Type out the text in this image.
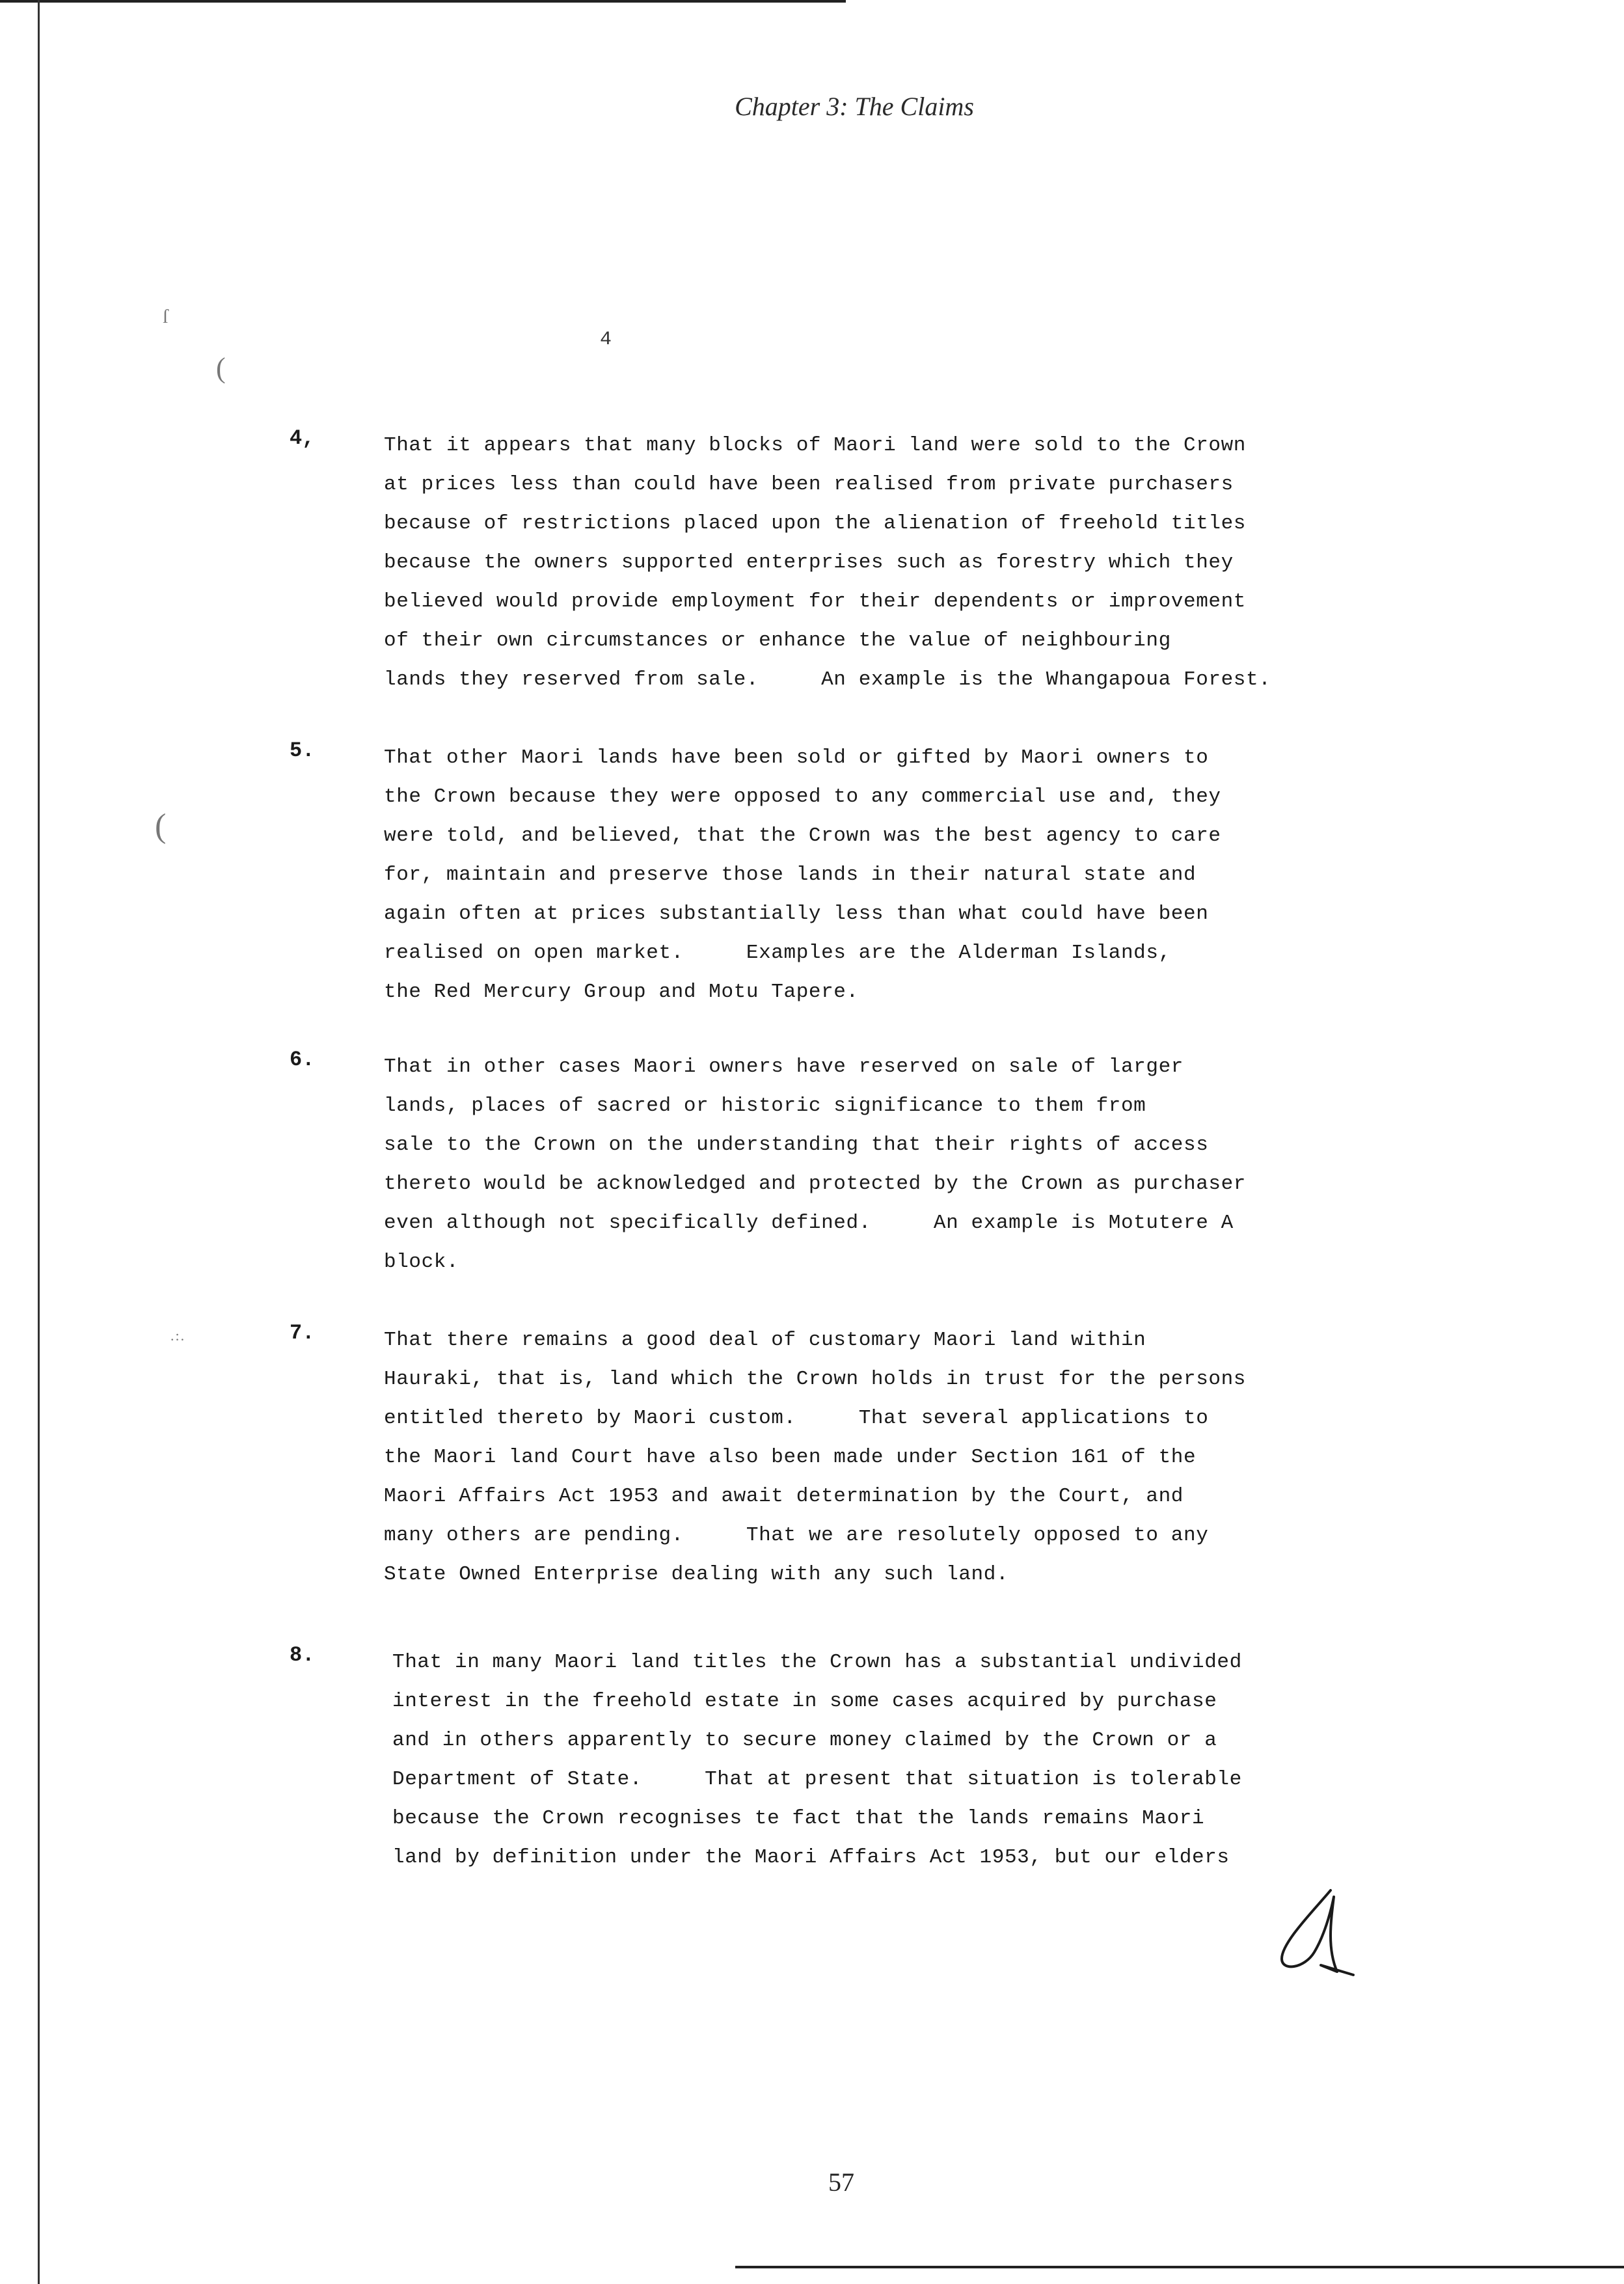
ſ
(
(
.:.
Chapter 3: The Claims
4
4,	That it appears that many blocks of Maori land were sold to the Crown
at prices less than could have been realised from private purchasers
because of restrictions placed upon the alienation of freehold titles
because the owners supported enterprises such as forestry which they
believed would provide employment for their dependents or improvement
of their own circumstances or enhance the value of neighbouring
lands they reserved from sale.     An example is the Whangapoua Forest.
5.	That other Maori lands have been sold or gifted by Maori owners to
the Crown because they were opposed to any commercial use and, they
were told, and believed, that the Crown was the best agency to care
for, maintain and preserve those lands in their natural state and
again often at prices substantially less than what could have been
realised on open market.     Examples are the Alderman Islands,
the Red Mercury Group and Motu Tapere.
6.	That in other cases Maori owners have reserved on sale of larger
lands, places of sacred or historic significance to them from
sale to the Crown on the understanding that their rights of access
thereto would be acknowledged and protected by the Crown as purchaser
even although not specifically defined.     An example is Motutere A
block.
7.	That there remains a good deal of customary Maori land within
Hauraki, that is, land which the Crown holds in trust for the persons
entitled thereto by Maori custom.     That several applications to
the Maori land Court have also been made under Section 161 of the
Maori Affairs Act 1953 and await determination by the Court, and
many others are pending.     That we are resolutely opposed to any
State Owned Enterprise dealing with any such land.
8.	That in many Maori land titles the Crown has a substantial undivided
interest in the freehold estate in some cases acquired by purchase
and in others apparently to secure money claimed by the Crown or a
Department of State.     That at present that situation is tolerable
because the Crown recognises te fact that the lands remains Maori
land by definition under the Maori Affairs Act 1953, but our elders
57
